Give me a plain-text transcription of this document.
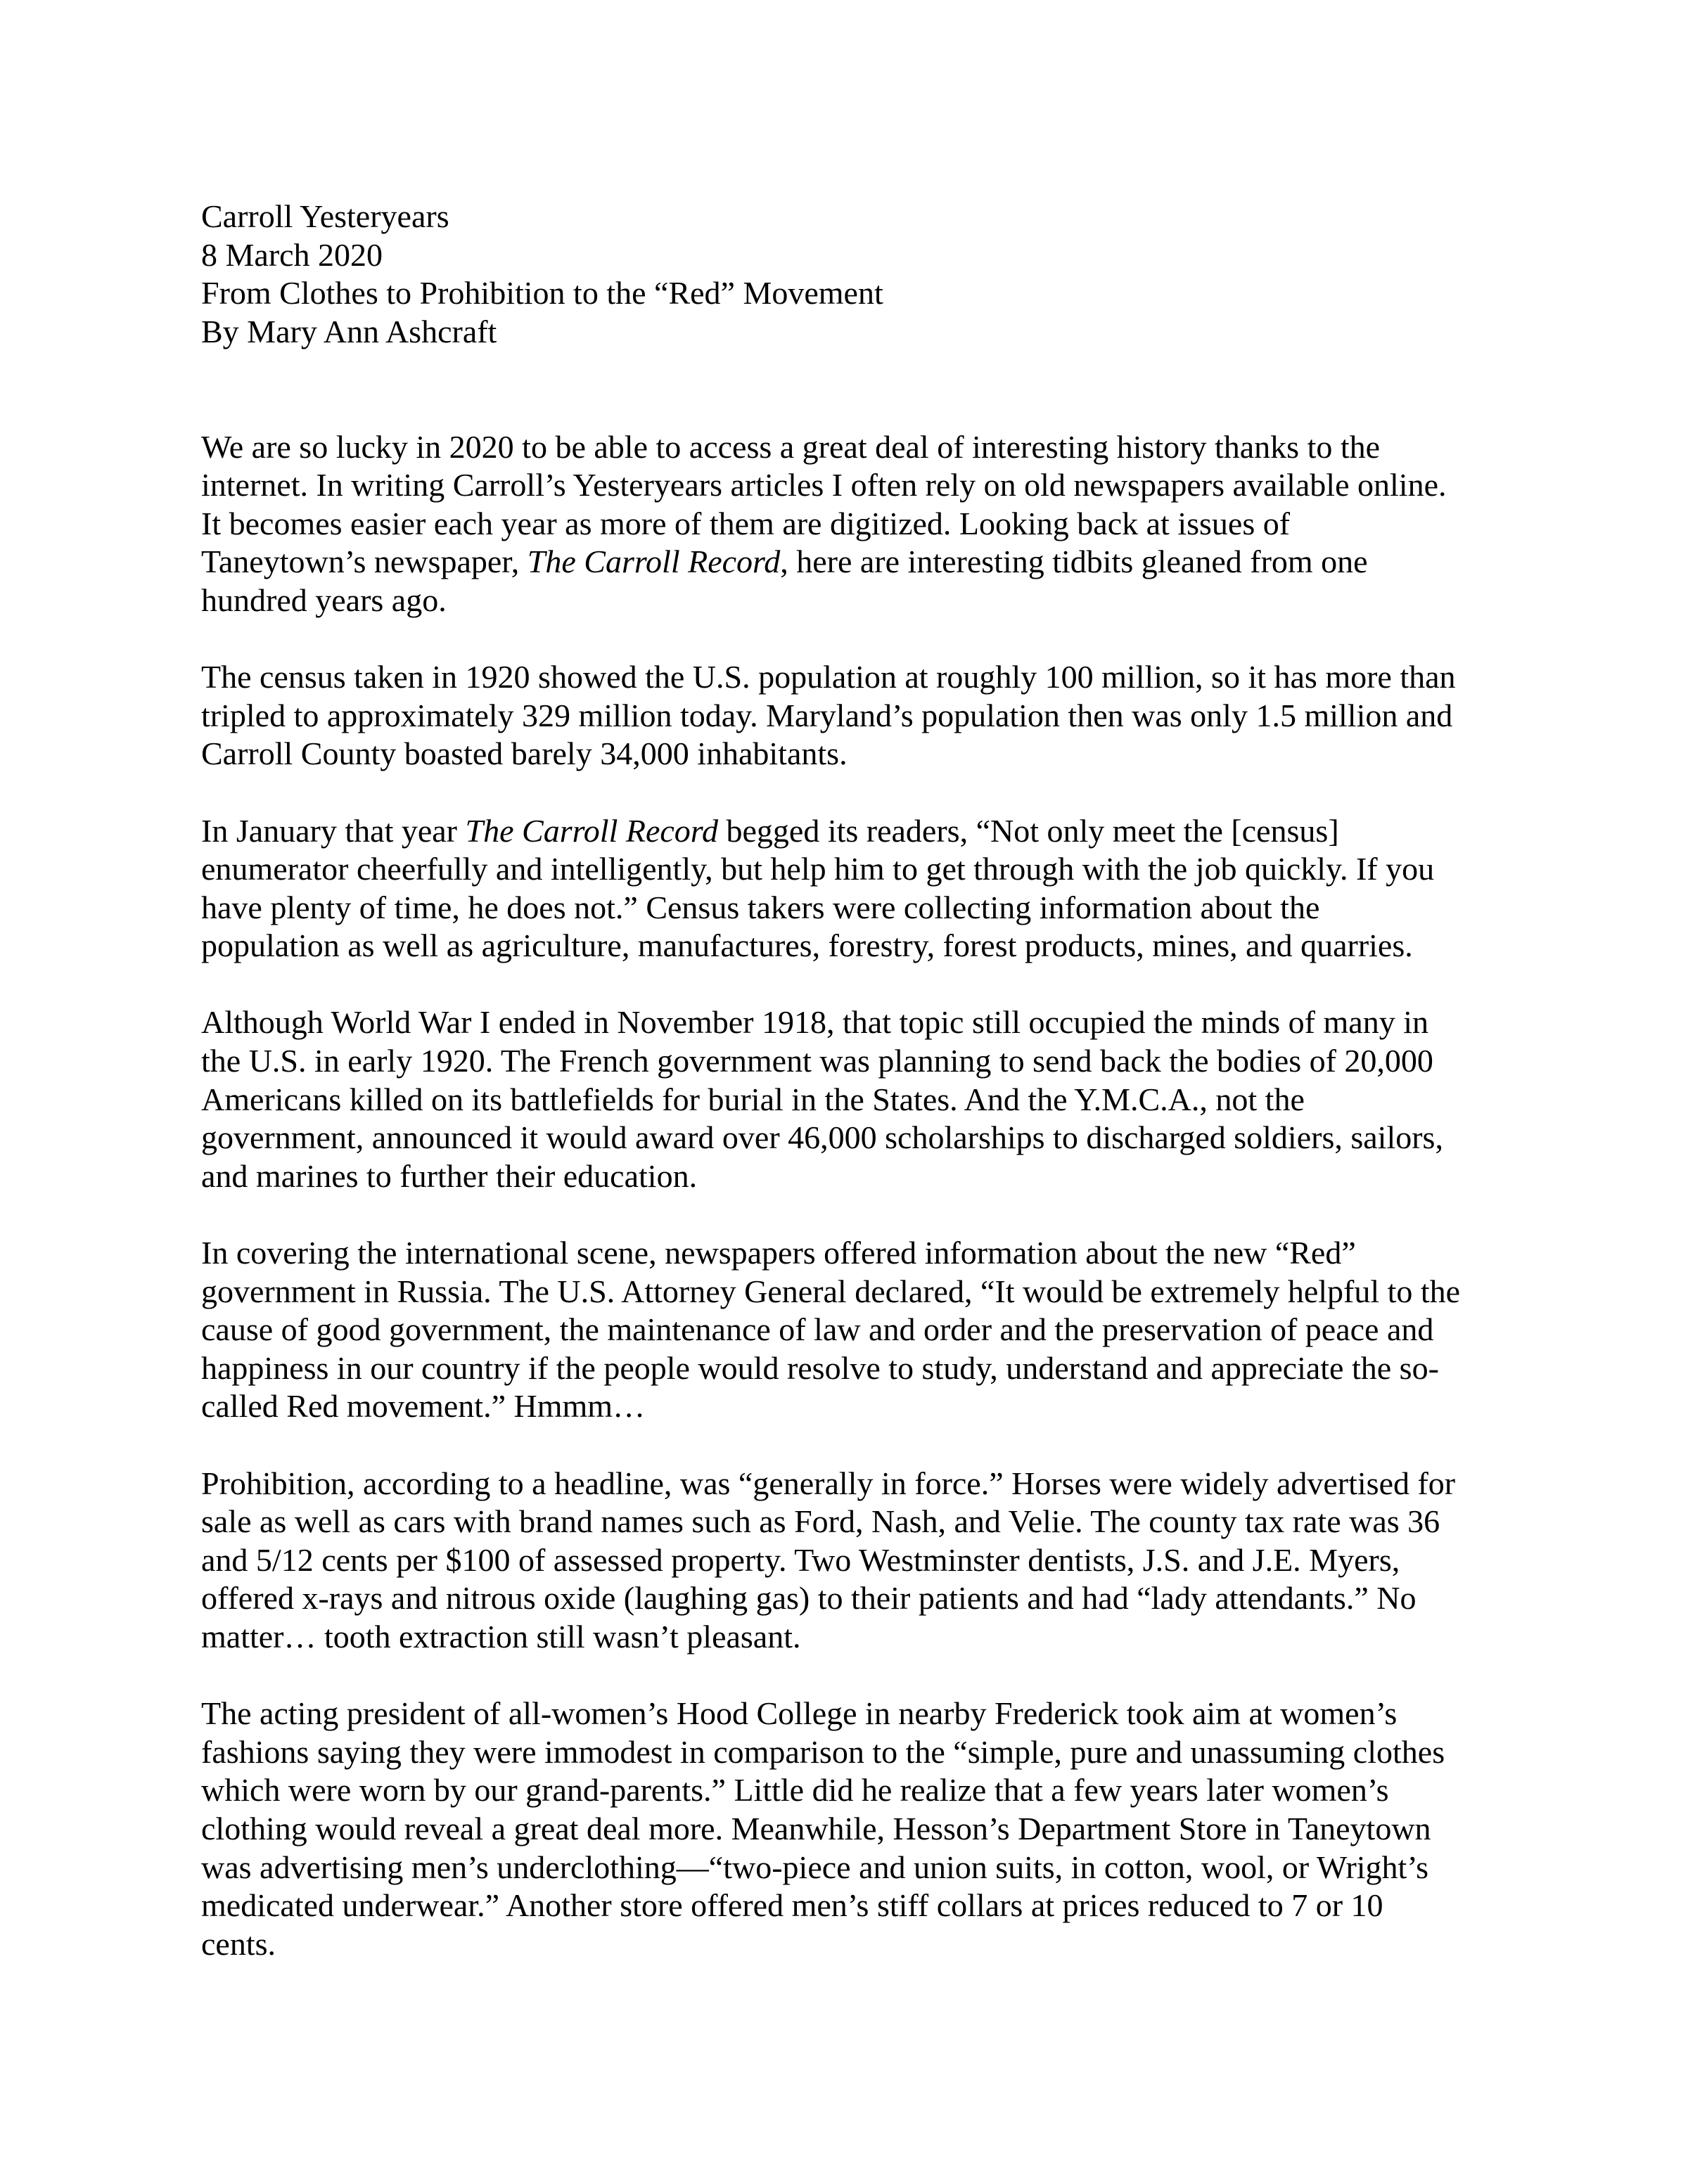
Carroll Yesteryears
8 March 2020
From Clothes to Prohibition to the “Red” Movement
By Mary Ann Ashcraft
We are so lucky in 2020 to be able to access a great deal of interesting history thanks to the
internet. In writing Carroll’s Yesteryears articles I often rely on old newspapers available online.
It becomes easier each year as more of them are digitized. Looking back at issues of
Taneytown’s newspaper, The Carroll Record, here are interesting tidbits gleaned from one
hundred years ago.
The census taken in 1920 showed the U.S. population at roughly 100 million, so it has more than
tripled to approximately 329 million today. Maryland’s population then was only 1.5 million and
Carroll County boasted barely 34,000 inhabitants.
In January that year The Carroll Record begged its readers, “Not only meet the [census]
enumerator cheerfully and intelligently, but help him to get through with the job quickly. If you
have plenty of time, he does not.” Census takers were collecting information about the
population as well as agriculture, manufactures, forestry, forest products, mines, and quarries.
Although World War I ended in November 1918, that topic still occupied the minds of many in
the U.S. in early 1920. The French government was planning to send back the bodies of 20,000
Americans killed on its battlefields for burial in the States. And the Y.M.C.A., not the
government, announced it would award over 46,000 scholarships to discharged soldiers, sailors,
and marines to further their education.
In covering the international scene, newspapers offered information about the new “Red”
government in Russia. The U.S. Attorney General declared, “It would be extremely helpful to the
cause of good government, the maintenance of law and order and the preservation of peace and
happiness in our country if the people would resolve to study, understand and appreciate the so-
called Red movement.” Hmmm…
Prohibition, according to a headline, was “generally in force.” Horses were widely advertised for
sale as well as cars with brand names such as Ford, Nash, and Velie. The county tax rate was 36
and 5/12 cents per $100 of assessed property. Two Westminster dentists, J.S. and J.E. Myers,
offered x-rays and nitrous oxide (laughing gas) to their patients and had “lady attendants.” No
matter… tooth extraction still wasn’t pleasant.
The acting president of all-women’s Hood College in nearby Frederick took aim at women’s
fashions saying they were immodest in comparison to the “simple, pure and unassuming clothes
which were worn by our grand-parents.” Little did he realize that a few years later women’s
clothing would reveal a great deal more. Meanwhile, Hesson’s Department Store in Taneytown
was advertising men’s underclothing—“two-piece and union suits, in cotton, wool, or Wright’s
medicated underwear.” Another store offered men’s stiff collars at prices reduced to 7 or 10
cents.
